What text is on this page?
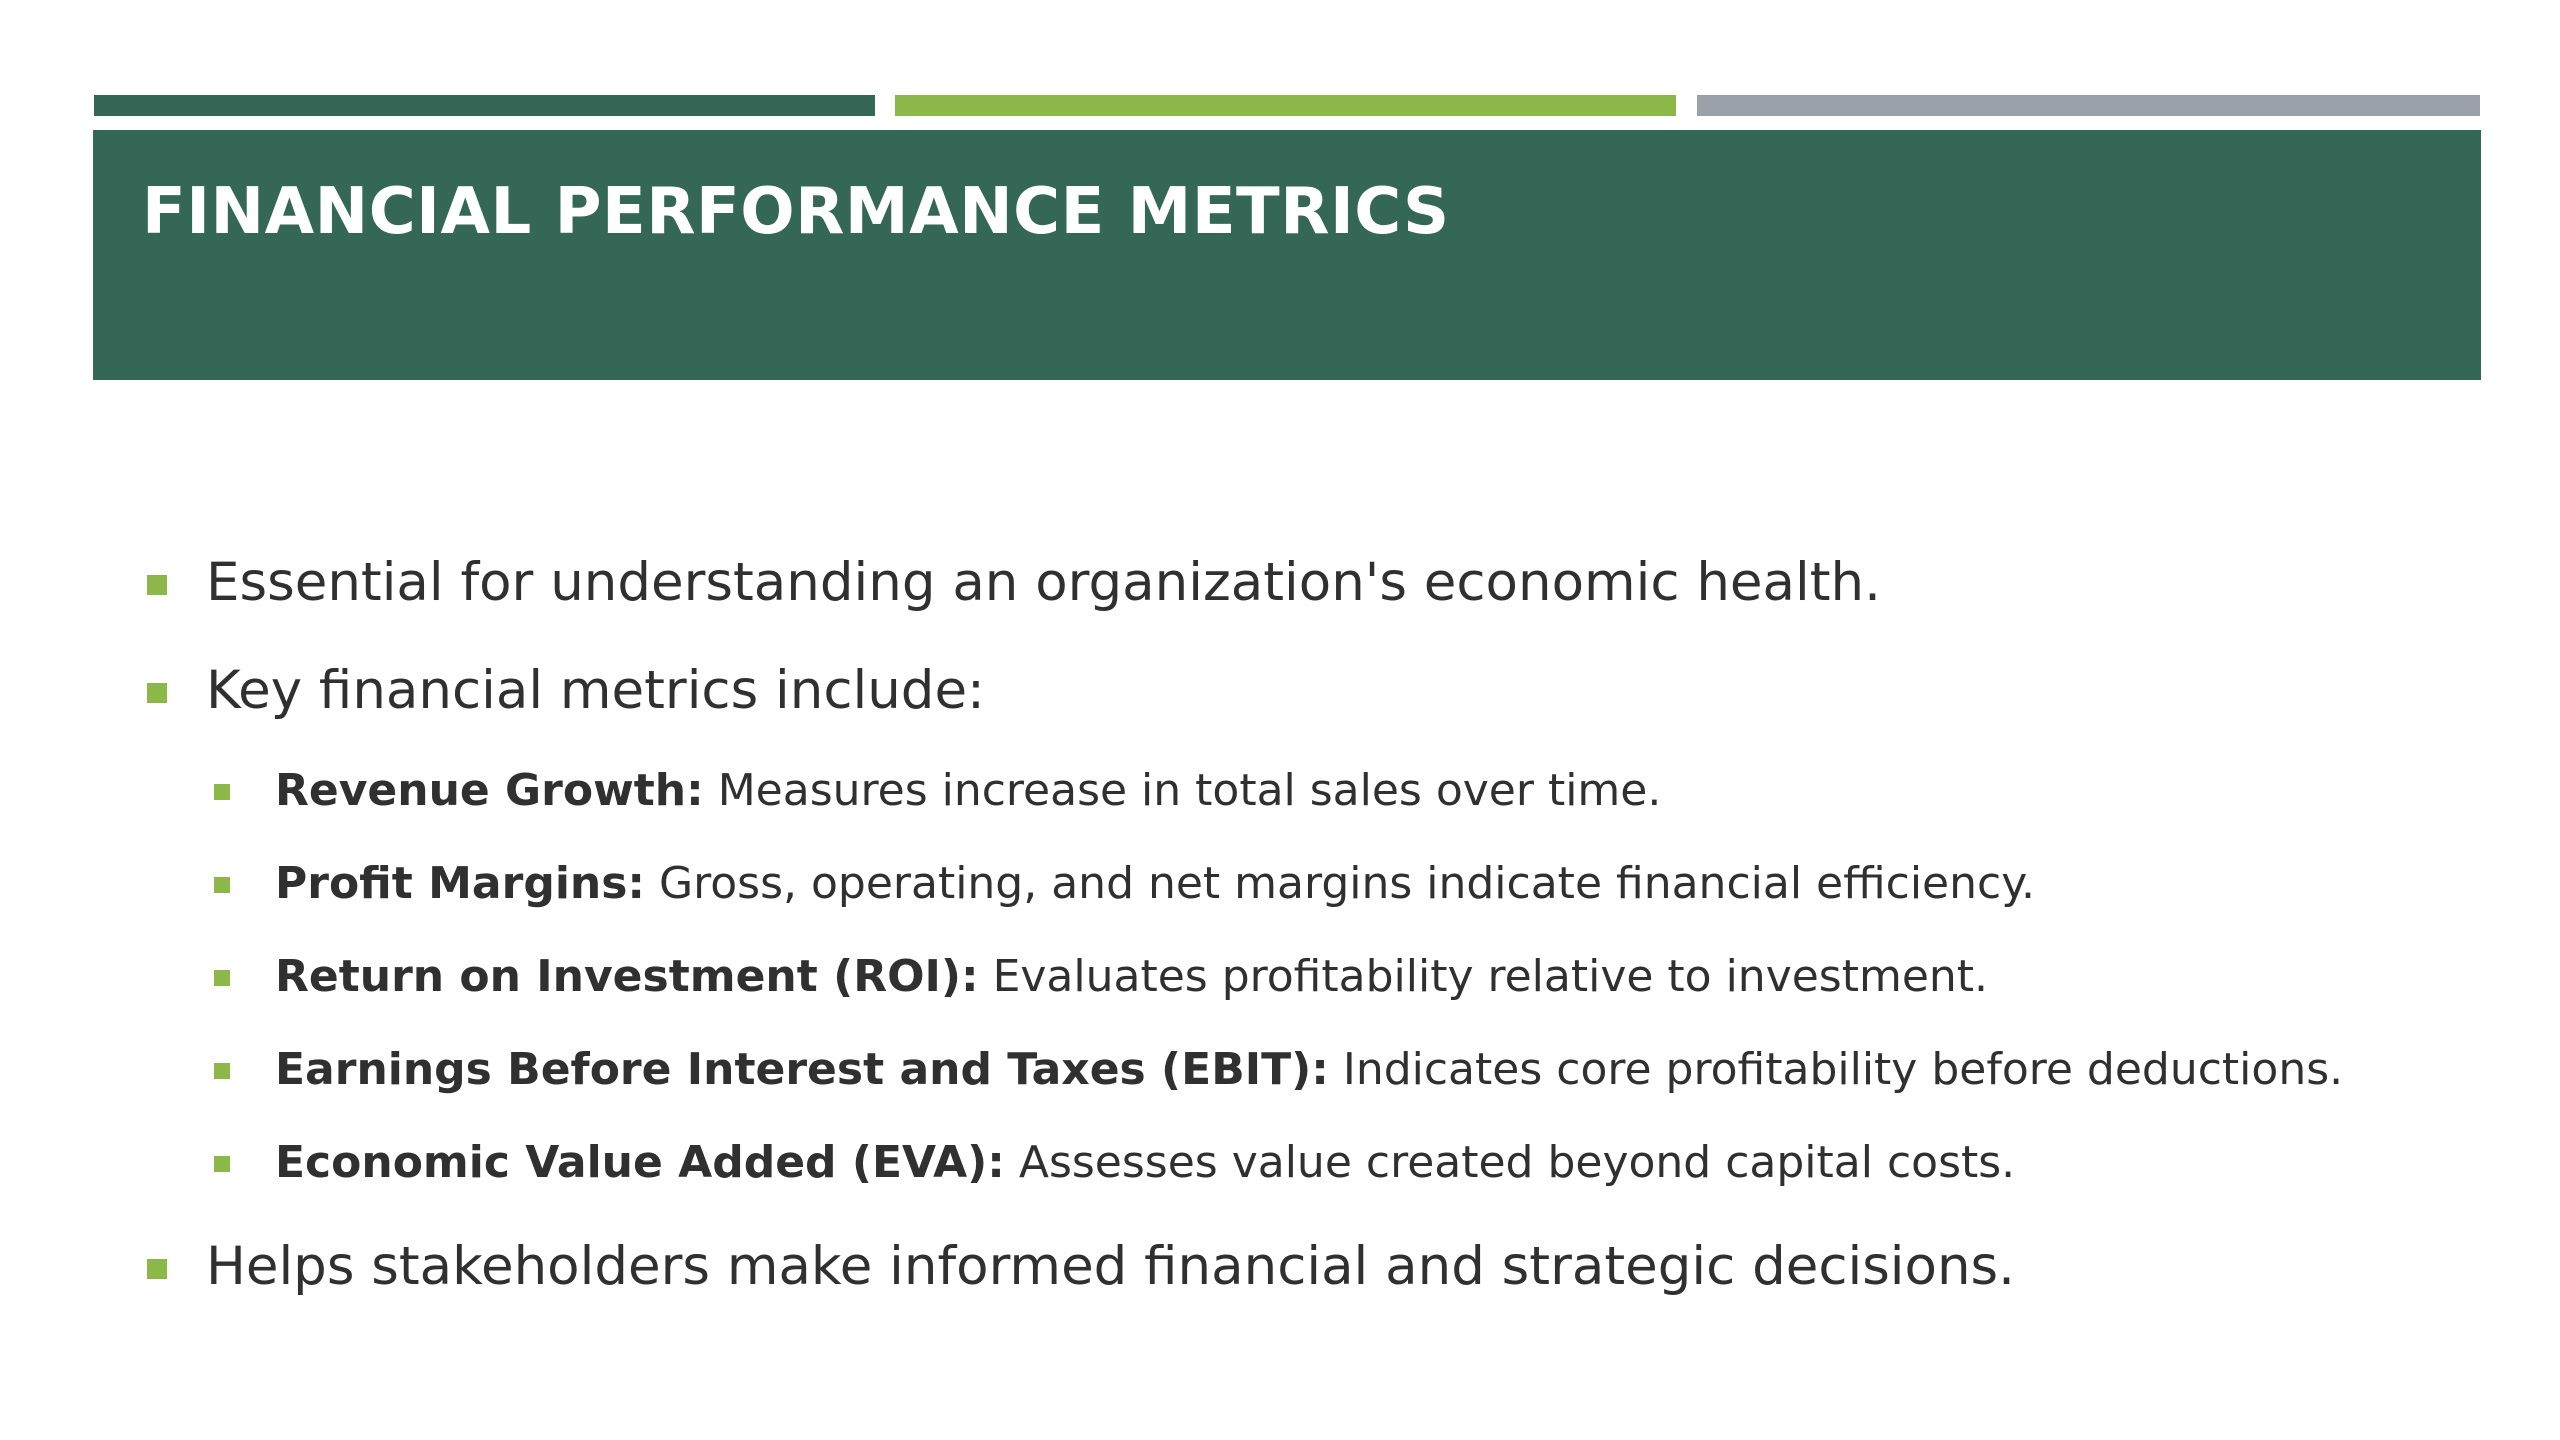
FINANCIAL PERFORMANCE METRICS
Essential for understanding an organization's economic health.
Key financial metrics include:
Revenue Growth: Measures increase in total sales over time.
Profit Margins: Gross, operating, and net margins indicate financial efficiency.
Return on Investment (ROI): Evaluates profitability relative to investment.
Earnings Before Interest and Taxes (EBIT): Indicates core profitability before deductions.
Economic Value Added (EVA): Assesses value created beyond capital costs.
Helps stakeholders make informed financial and strategic decisions.
